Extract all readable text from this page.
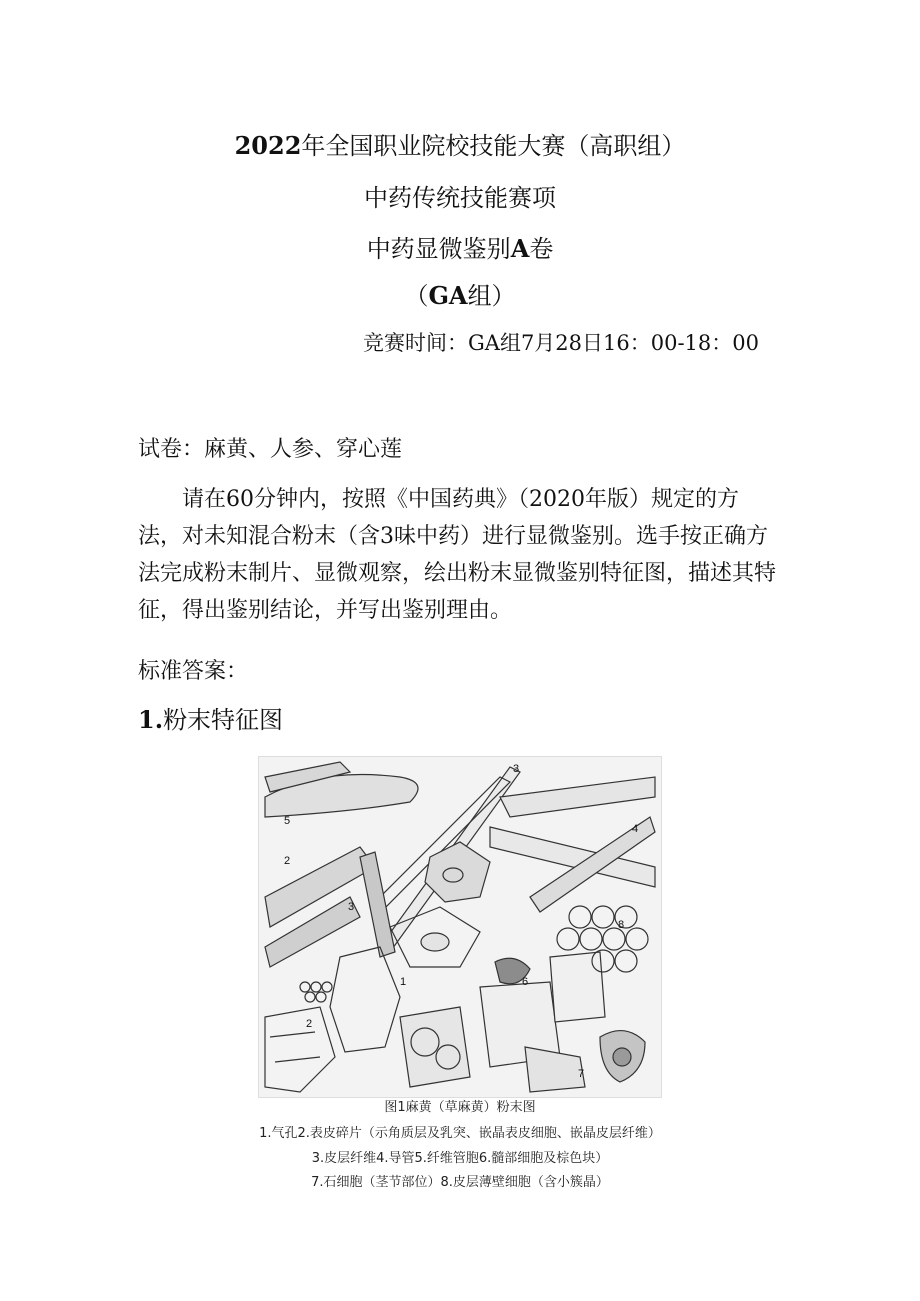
2022年全国职业院校技能大赛（高职组）
中药传统技能赛项
中药显微鉴别A卷
（GA组）
竞赛时间：GA组7月28日16：00-18：00
试卷：麻黄、人参、穿心莲
请在60分钟内，按照《中国药典》（2020年版）规定的方法，对未知混合粉末（含3味中药）进行显微鉴别。选手按正确方法完成粉末制片、显微观察，绘出粉末显微鉴别特征图，描述其特征，得出鉴别结论，并写出鉴别理由。
标准答案：
1.粉末特征图
1
2
2
3
3
4
5
6
7
8
图1麻黄（草麻黄）粉末图
1.气孔2.表皮碎片（示角质层及乳突、嵌晶表皮细胞、嵌晶皮层纤维）
3.皮层纤维4.导管5.纤维管胞6.髓部细胞及棕色块）
7.石细胞（茎节部位）8.皮层薄壁细胞（含小簇晶）
